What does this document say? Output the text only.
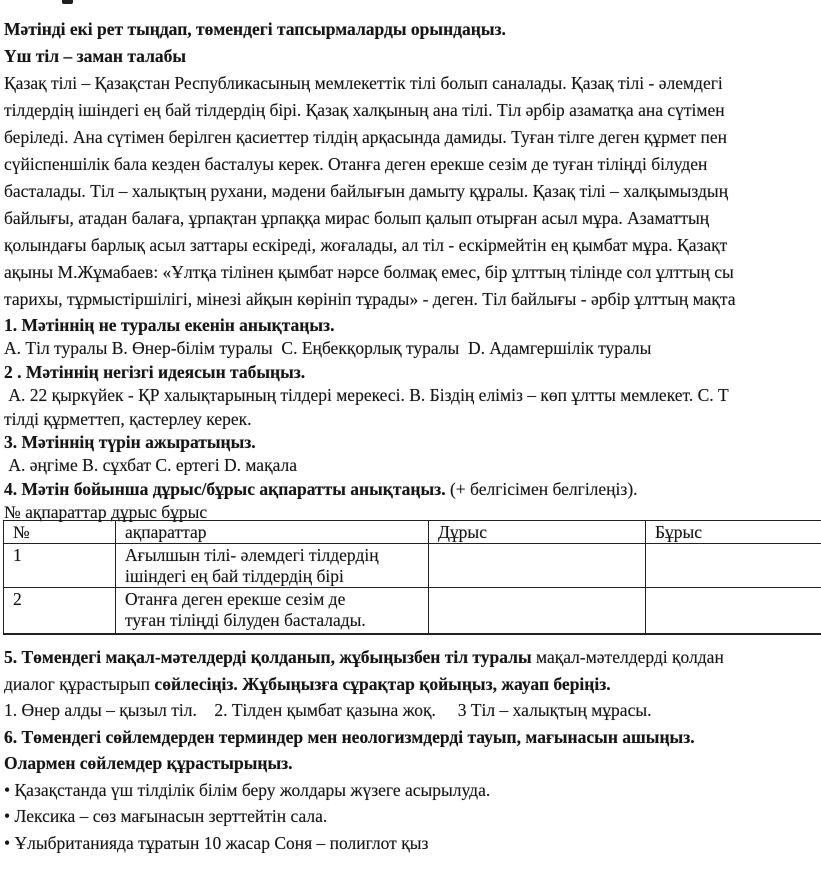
Мәтінді екі рет тыңдап, төмендегі тапсырмаларды орындаңыз.
Үш тіл – заман талабы
Қазақ тілі – Қазақстан Республикасының мемлекеттік тілі болып саналады. Қазақ тілі - әлемдегі
тілдердің ішіндегі ең бай тілдердің бірі. Қазақ халқының ана тілі. Тіл әрбір азаматқа ана сүтімен
беріледі. Ана сүтімен берілген қасиеттер тілдің арқасында дамиды. Туған тілге деген құрмет пен
сүйіспеншілік бала кезден басталуы керек. Отанға деген ерекше сезім де туған тіліңді білуден
басталады. Тіл – халықтың рухани, мәдени байлығын дамыту құралы. Қазақ тілі – халқымыздың
байлығы, атадан балаға, ұрпақтан ұрпаққа мирас болып қалып отырған асыл мұра. Азаматтың
қолындағы барлық асыл заттары ескіреді, жоғалады, ал тіл - ескірмейтін ең қымбат мұра. Қазақт
ақыны М.Жұмабаев: «Ұлтқа тілінен қымбат нәрсе болмақ емес, бір ұлттың тілінде сол ұлттың сы
тарихы, тұрмыстіршілігі, мінезі айқын көрініп тұрады» - деген. Тіл байлығы - әрбір ұлттың мақта
1. Мәтіннің не туралы екенін анықтаңыз.
А. Тіл туралы В. Өнер-білім туралы  С. Еңбекқорлық туралы  D. Адамгершілік туралы
2 . Мәтіннің негізгі идеясын табыңыз.
А. 22 қыркүйек - ҚР халықтарының тілдері мерекесі. В. Біздің еліміз – көп ұлтты мемлекет. С. Т
тілді құрметтеп, қастерлеу керек.
3. Мәтіннің түрін ажыратыңыз.
А. әңгіме В. сұхбат С. ертегі D. мақала
4. Мәтін бойынша дұрыс/бұрыс ақпаратты анықтаңыз. (+ белгісімен белгілеңіз).
№ ақпараттар дұрыс бұрыс
№	ақпараттар	Дұрыс	Бұрыс
1	Ағылшын тілі- әлемдегі тілдердің
ішіндегі ең бай тілдердің бірі		

2	Отанға деген ерекше сезім де
туған тіліңді білуден басталады.		

5. Төмендегі мақал-мәтелдерді қолданып, жұбыңызбен тіл туралы мақал-мәтелдерді қолдан
диалог құрастырып сөйлесіңіз. Жұбыңызға сұрақтар қойыңыз, жауап беріңіз.
1. Өнер алды – қызыл тіл.    2. Тілден қымбат қазына жоқ.     3 Тіл – халықтың мұрасы.
6. Төмендегі сөйлемдерден терминдер мен неологизмдерді тауып, мағынасын ашыңыз.
Олармен сөйлемдер құрастырыңыз.
• Қазақстанда үш тілділік білім беру жолдары жүзеге асырылуда.
• Лексика – сөз мағынасын зерттейтін сала.
• Ұлыбританияда тұратын 10 жасар Соня – полиглот қыз
